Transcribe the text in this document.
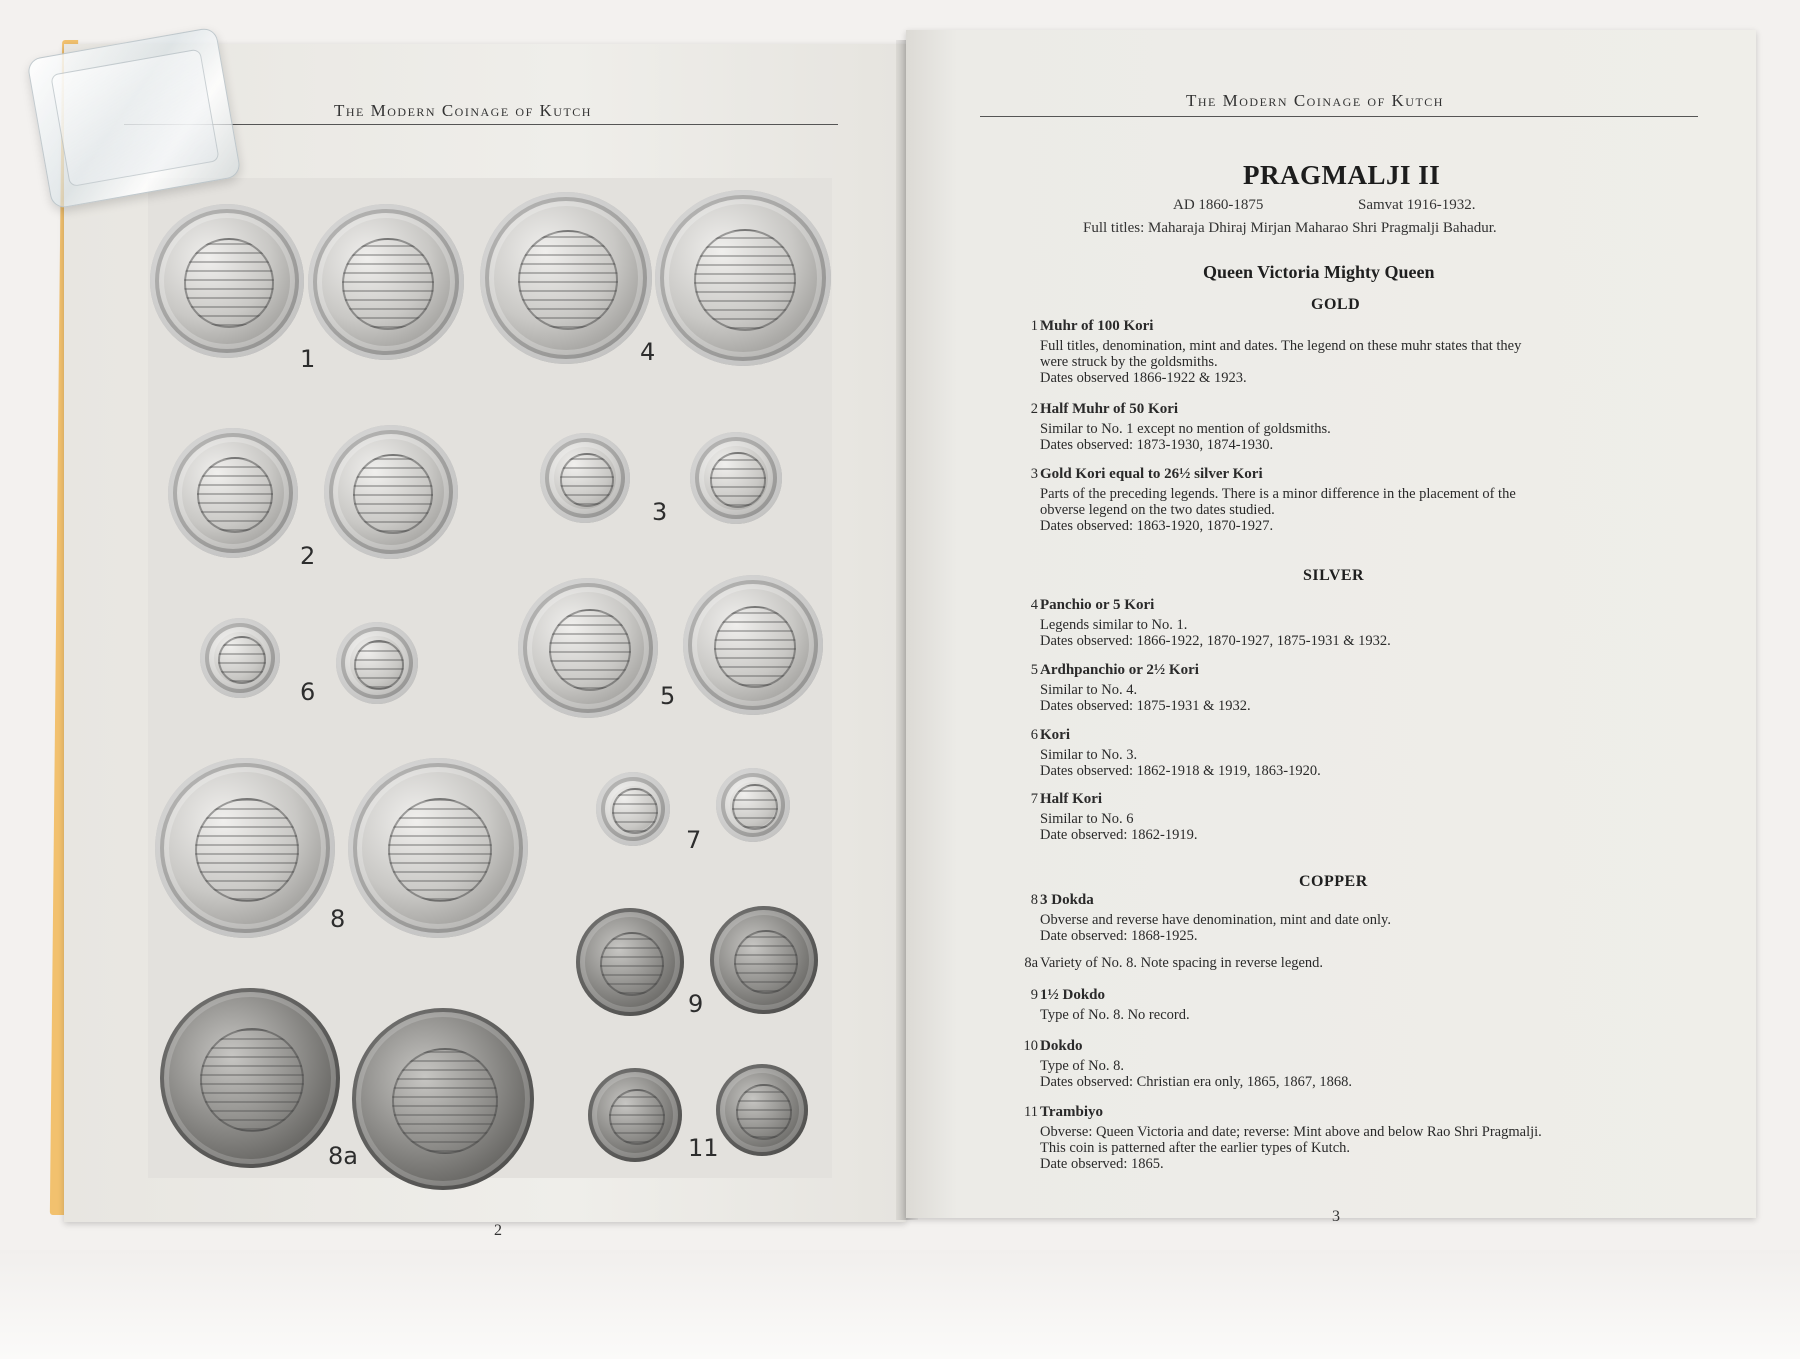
The Modern Coinage of Kutch
1	4
2
3
6	5
8
7
9
8a	11
2
The Modern Coinage of Kutch
PRAGMALJI II
AD 1860-1875	Samvat 1916-1932.
Full titles: Maharaja Dhiraj Mirjan Maharao Shri Pragmalji Bahadur.
Queen Victoria Mighty Queen
GOLD
SILVER
COPPER
1 Muhr of 100 Kori
Full titles, denomination, mint and dates. The legend on these muhr states that they
were struck by the goldsmiths.
Dates observed 1866-1922 & 1923.
2 Half Muhr of 50 Kori
Similar to No. 1 except no mention of goldsmiths.
Dates observed: 1873-1930, 1874-1930.
3 Gold Kori equal to 26½ silver Kori
Parts of the preceding legends. There is a minor difference in the placement of the
obverse legend on the two dates studied.
Dates observed: 1863-1920, 1870-1927.
4 Panchio or 5 Kori
Legends similar to No. 1.
Dates observed: 1866-1922, 1870-1927, 1875-1931 & 1932.
5 Ardhpanchio or 2½ Kori
Similar to No. 4.
Dates observed: 1875-1931 & 1932.
6 Kori
Similar to No. 3.
Dates observed: 1862-1918 & 1919, 1863-1920.
7 Half Kori
Similar to No. 6
Date observed: 1862-1919.
8 3 Dokda
Obverse and reverse have denomination, mint and date only.
Date observed: 1868-1925.
8a Variety of No. 8. Note spacing in reverse legend.
9 1½ Dokdo
Type of No. 8. No record.
10 Dokdo
Type of No. 8.
Dates observed: Christian era only, 1865, 1867, 1868.
11 Trambiyo
Obverse: Queen Victoria and date; reverse: Mint above and below Rao Shri Pragmalji.
This coin is patterned after the earlier types of Kutch.
Date observed: 1865.
3
